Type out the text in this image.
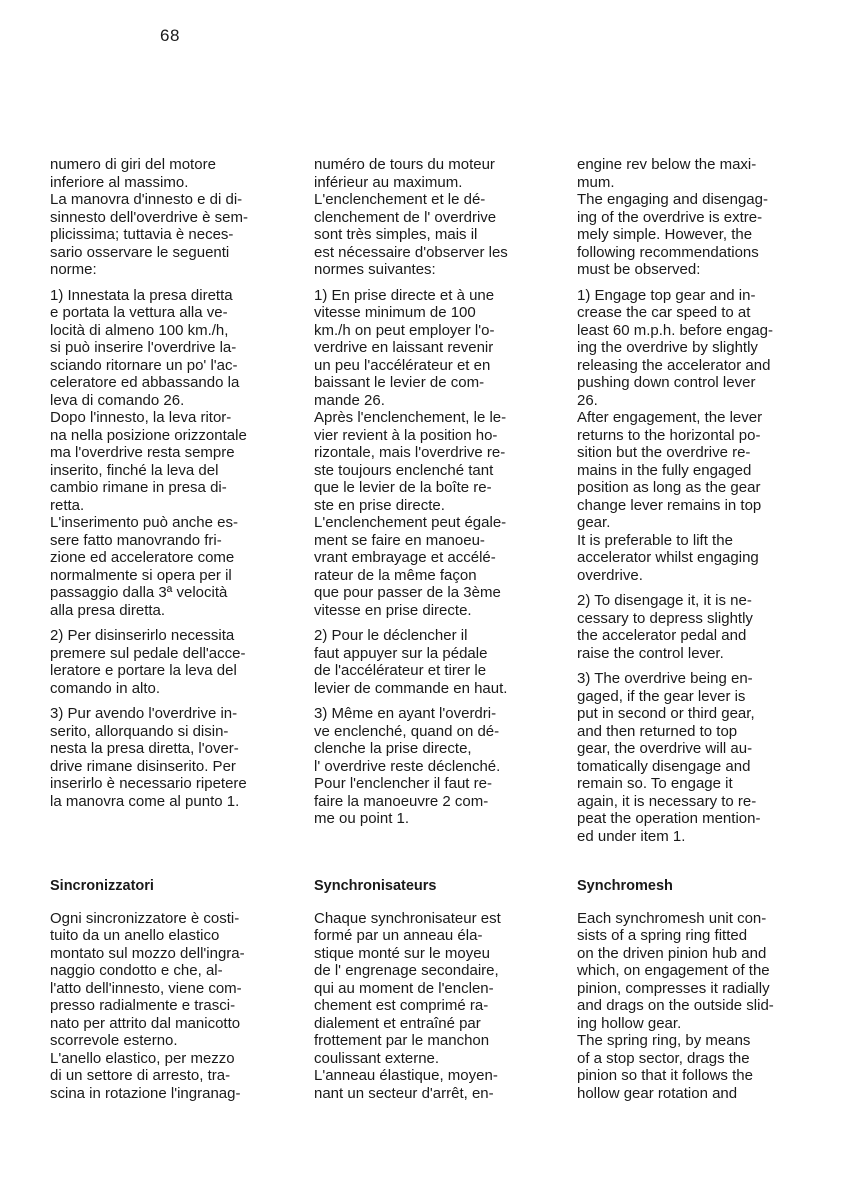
68

numero di giri del motore
inferiore al massimo.
La manovra d'innesto e di di-
sinnesto dell'overdrive è sem-
plicissima; tuttavia è neces-
sario osservare le seguenti
norme:

1) Innestata la presa diretta
e portata la vettura alla ve-
locità di almeno 100 km./h,
si può inserire l'overdrive la-
sciando ritornare un po' l'ac-
celeratore ed abbassando la
leva di comando 26.
Dopo l'innesto, la leva ritor-
na nella posizione orizzontale
ma l'overdrive resta sempre
inserito, finché la leva del
cambio rimane in presa di-
retta.
L'inserimento può anche es-
sere fatto manovrando fri-
zione ed acceleratore come
normalmente si opera per il
passaggio dalla 3ª velocità
alla presa diretta.

2) Per disinserirlo necessita
premere sul pedale dell'acce-
leratore e portare la leva del
comando in alto.

3) Pur avendo l'overdrive in-
serito, allorquando si disin-
nesta la presa diretta, l'over-
drive rimane disinserito. Per
inserirlo è necessario ripetere
la manovra come al punto 1.

numéro de tours du moteur
inférieur au maximum.
L'enclenchement et le dé-
clenchement de l' overdrive
sont très simples, mais il
est nécessaire d'observer les
normes suivantes:

1) En prise directe et à une
vitesse minimum de 100
km./h on peut employer l'o-
verdrive en laissant revenir
un peu l'accélérateur et en
baissant le levier de com-
mande 26.
Après l'enclenchement, le le-
vier revient à la position ho-
rizontale, mais l'overdrive re-
ste toujours enclenché tant
que le levier de la boîte re-
ste en prise directe.
L'enclenchement peut égale-
ment se faire en manoeu-
vrant embrayage et accélé-
rateur de la même façon
que pour passer de la 3ème
vitesse en prise directe.

2) Pour le déclencher il
faut appuyer sur la pédale
de l'accélérateur et tirer le
levier de commande en haut.

3) Même en ayant l'overdri-
ve enclenché, quand on dé-
clenche la prise directe,
l' overdrive reste déclenché.
Pour l'enclencher il faut re-
faire la manoeuvre 2 com-
me ou point 1.

engine rev below the maxi-
mum.
The engaging and disengag-
ing of the overdrive is extre-
mely simple. However, the
following recommendations
must be observed:

1) Engage top gear and in-
crease the car speed to at
least 60 m.p.h. before engag-
ing the overdrive by slightly
releasing the accelerator and
pushing down control lever
26.
After engagement, the lever
returns to the horizontal po-
sition but the overdrive re-
mains in the fully engaged
position as long as the gear
change lever remains in top
gear.
It is preferable to lift the
accelerator whilst engaging
overdrive.

2) To disengage it, it is ne-
cessary to depress slightly
the accelerator pedal and
raise the control lever.

3) The overdrive being en-
gaged, if the gear lever is
put in second or third gear,
and then returned to top
gear, the overdrive will au-
tomatically disengage and
remain so. To engage it
again, it is necessary to re-
peat the operation mention-
ed under item 1.

Sincronizzatori

Ogni sincronizzatore è costi-
tuito da un anello elastico
montato sul mozzo dell'ingra-
naggio condotto e che, al-
l'atto dell'innesto, viene com-
presso radialmente e trasci-
nato per attrito dal manicotto
scorrevole esterno.
L'anello elastico, per mezzo
di un settore di arresto, tra-
scina in rotazione l'ingranag-

Synchronisateurs

Chaque synchronisateur est
formé par un anneau éla-
stique monté sur le moyeu
de l' engrenage secondaire,
qui au moment de l'enclen-
chement est comprimé ra-
dialement et entraîné par
frottement par le manchon
coulissant externe.
L'anneau élastique, moyen-
nant un secteur d'arrêt, en-

Synchromesh

Each synchromesh unit con-
sists of a spring ring fitted
on the driven pinion hub and
which, on engagement of the
pinion, compresses it radially
and drags on the outside slid-
ing hollow gear.
The spring ring, by means
of a stop sector, drags the
pinion so that it follows the
hollow gear rotation and
